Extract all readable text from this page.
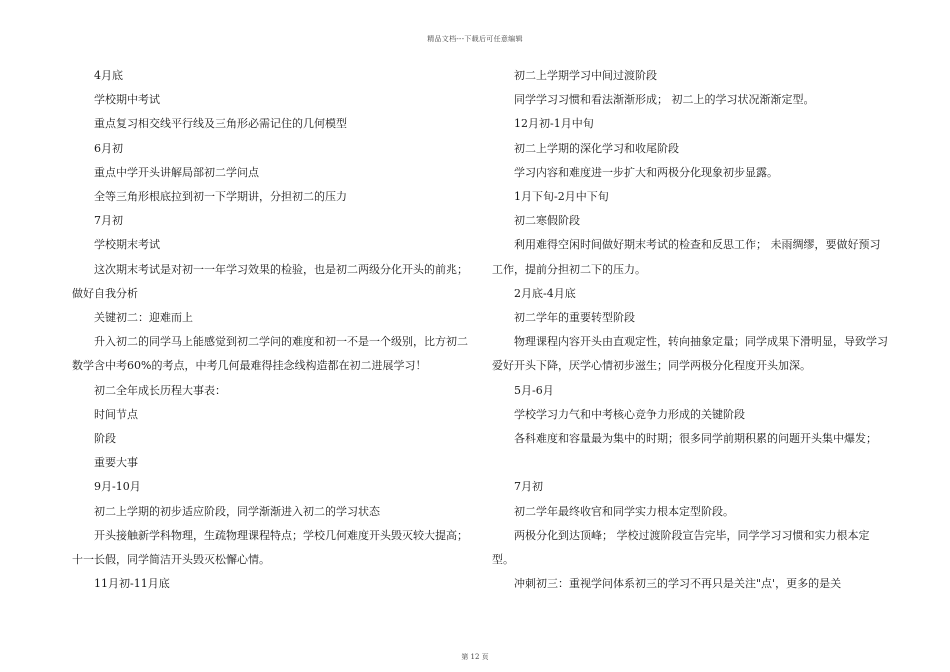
精品文档---下载后可任意编辑

4月底

学校期中考试

重点复习相交线平行线及三角形必需记住的几何模型

6月初

重点中学开头讲解局部初二学问点

全等三角形根底拉到初一下学期讲，分担初二的压力

7月初

学校期末考试

这次期末考试是对初一一年学习效果的检验，也是初二两级分化开头的前兆；做好自我分析

关键初二：迎难而上

升入初二的同学马上能感觉到初二学问的难度和初一不是一个级别，比方初二数学含中考60%的考点，中考几何最难得挂念线构造都在初二进展学习！

初二全年成长历程大事表：

时间节点

阶段

重要大事

9月-10月

初二上学期的初步适应阶段，同学渐渐进入初二的学习状态

开头接触新学科物理，生疏物理课程特点；学校几何难度开头毁灭较大提高；十一长假，同学简洁开头毁灭松懈心情。

11月初-11月底

初二上学期学习中间过渡阶段

同学学习习惯和看法渐渐形成； 初二上的学习状况渐渐定型。

12月初-1月中旬

初二上学期的深化学习和收尾阶段

学习内容和难度进一步扩大和两极分化现象初步显露。

1月下旬-2月中下旬

初二寒假阶段

利用难得空闲时间做好期末考试的检查和反思工作； 未雨绸缪，要做好预习工作，提前分担初二下的压力。

2月底-4月底

初二学年的重要转型阶段

物理课程内容开头由直观定性，转向抽象定量；同学成果下滑明显，导致学习爱好开头下降，厌学心情初步滋生；同学两极分化程度开头加深。

5月-6月

学校学习力气和中考核心竞争力形成的关键阶段

各科难度和容量最为集中的时期；很多同学前期积累的问题开头集中爆发；

7月初

初二学年最终收官和同学实力根本定型阶段。

两极分化到达顶峰； 学校过渡阶段宣告完毕，同学学习习惯和实力根本定型。

冲刺初三：重视学问体系初三的学习不再只是关注"点'，更多的是关

第 12 页
